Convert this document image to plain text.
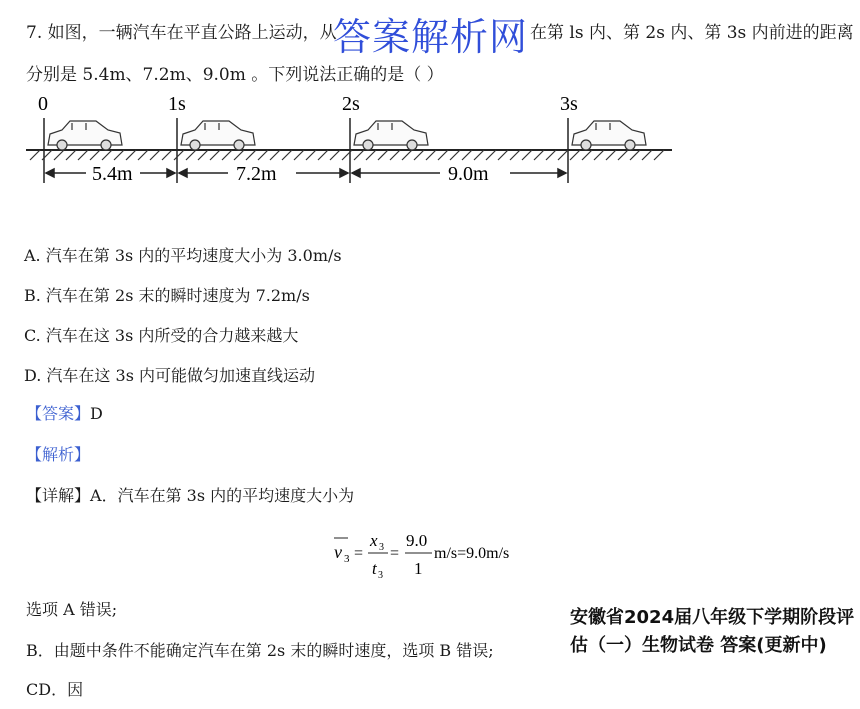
7. 如图，一辆汽车在平直公路上运动，从	在第 ls 内、第 2s 内、第 3s 内前进的距离
分别是 5.4m、7.2m、9.0m 。下列说法正确的是（ ）
答案解析网
0	1s	2s	3s
5.4m	7.2m	9.0m
A. 汽车在第 3s 内的平均速度大小为 3.0m/s
B. 汽车在第 2s 末的瞬时速度为 7.2m/s
C. 汽车在这 3s 内所受的合力越来越大
D. 汽车在这 3s 内可能做匀加速直线运动
【答案】D
【解析】
【详解】A．汽车在第 3s 内的平均速度大小为
v 3 =
x 3
t 3
=
9.0
1
m/s=9.0m/s
选项 A 错误;
B．由题中条件不能确定汽车在第 2s 末的瞬时速度，选项 B 错误;
CD．因
安徽省2024届八年级下学期阶段评估（一）生物试卷 答案(更新中)
